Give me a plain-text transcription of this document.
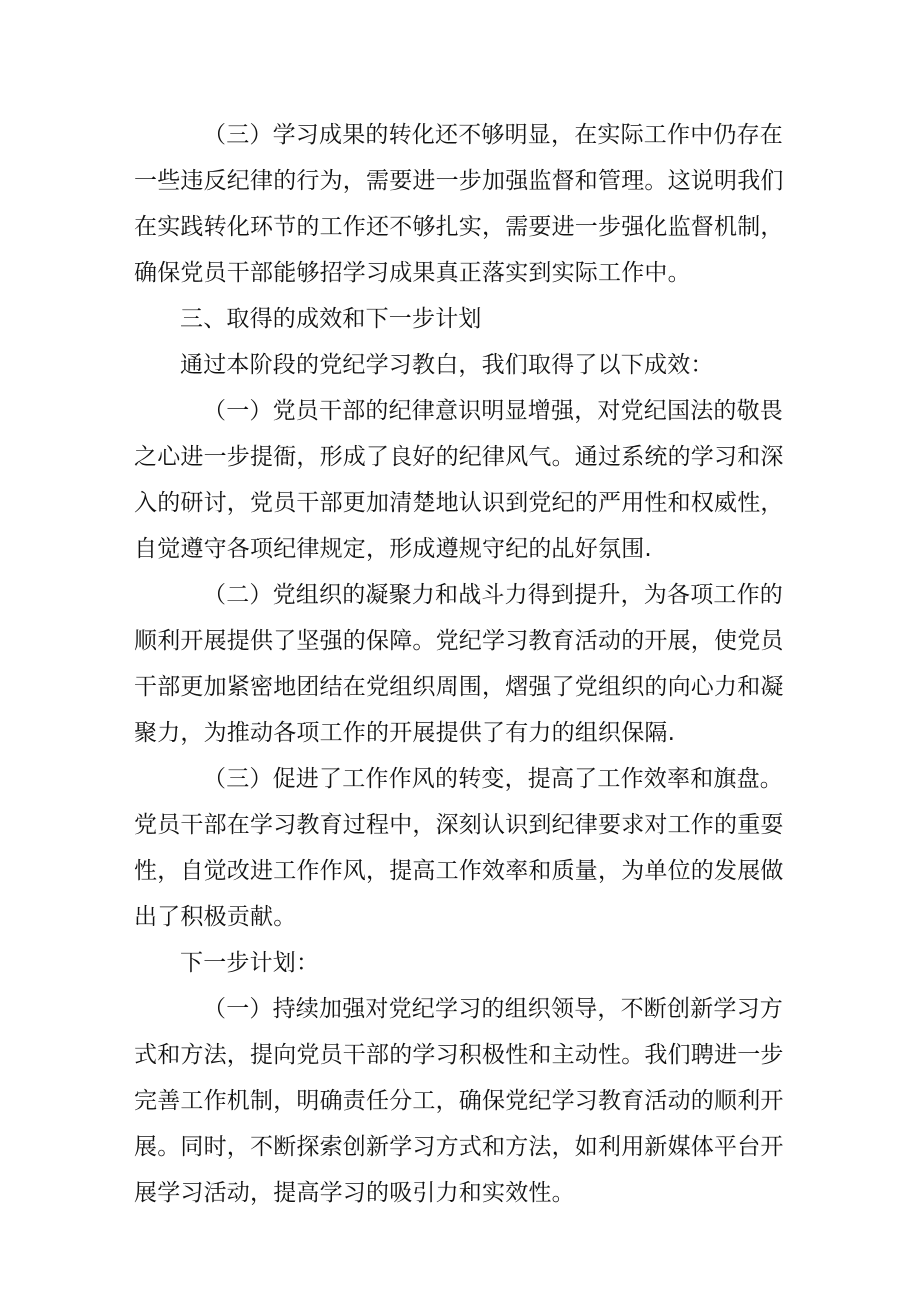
（三）学习成果的转化还不够明显，在实际工作中仍存在一些违反纪律的行为，需要进一步加强监督和管理。这说明我们在实践转化环节的工作还不够扎实，需要进一步强化监督机制，确保党员干部能够招学习成果真正落实到实际工作中。

三、取得的成效和下一步计划

通过本阶段的党纪学习教白，我们取得了以下成效：

（一）党员干部的纪律意识明显增强，对党纪国法的敬畏之心进一步提衙，形成了良好的纪律风气。通过系统的学习和深入的研讨，党员干部更加清楚地认识到党纪的严用性和权威性，自觉遵守各项纪律规定，形成遵规守纪的乩好氛围.

（二）党组织的凝聚力和战斗力得到提升，为各项工作的顺利开展提供了坚强的保障。党纪学习教育活动的开展，使党员干部更加紧密地团结在党组织周围，熠强了党组织的向心力和凝聚力，为推动各项工作的开展提供了有力的组织保隔.

（三）促进了工作作风的转变，提高了工作效率和旗盘。党员干部在学习教育过程中，深刻认识到纪律要求对工作的重耍性，自觉改进工作作风，提高工作效率和质量，为单位的发展做出了积极贡献。

下一步计划：

（一）持续加强对党纪学习的组织领导，不断创新学习方式和方法，提向党员干部的学习积极性和主动性。我们聘进一步完善工作机制，明确责任分工，确保党纪学习教育活动的顺利开展。同时，不断探索创新学习方式和方法，如利用新媒体平台开展学习活动，提高学习的吸引力和实效性。
